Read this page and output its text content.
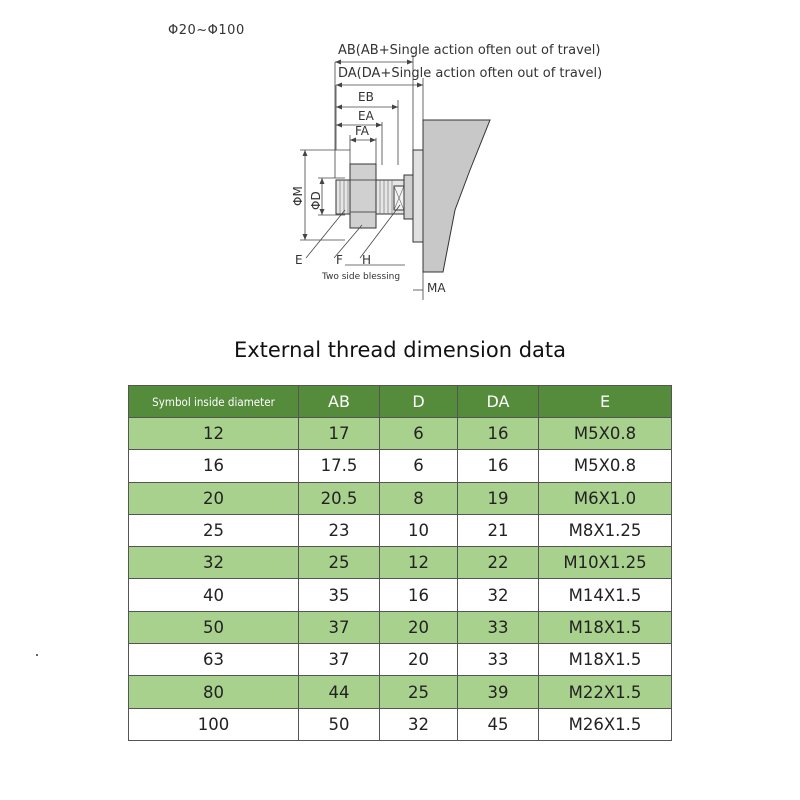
Φ20~Φ100
AB(AB+Single action often out of travel)
DA(DA+Single action often out of travel)
EB
EA
FA
ΦM ΦD
E	F H
Two side blessing
MA
External thread dimension data
Symbol inside diameter	AB	D	DA	E
12	17	6	16	M5X0.8
16	17.5	6	16	M5X0.8
20	20.5	8	19	M6X1.0
25	23	10	21	M8X1.25
32	25	12	22	M10X1.25
40	35	16	32	M14X1.5
50	37	20	33	M18X1.5
63	37	20	33	M18X1.5
80	44	25	39	M22X1.5
100	50	32	45	M26X1.5
